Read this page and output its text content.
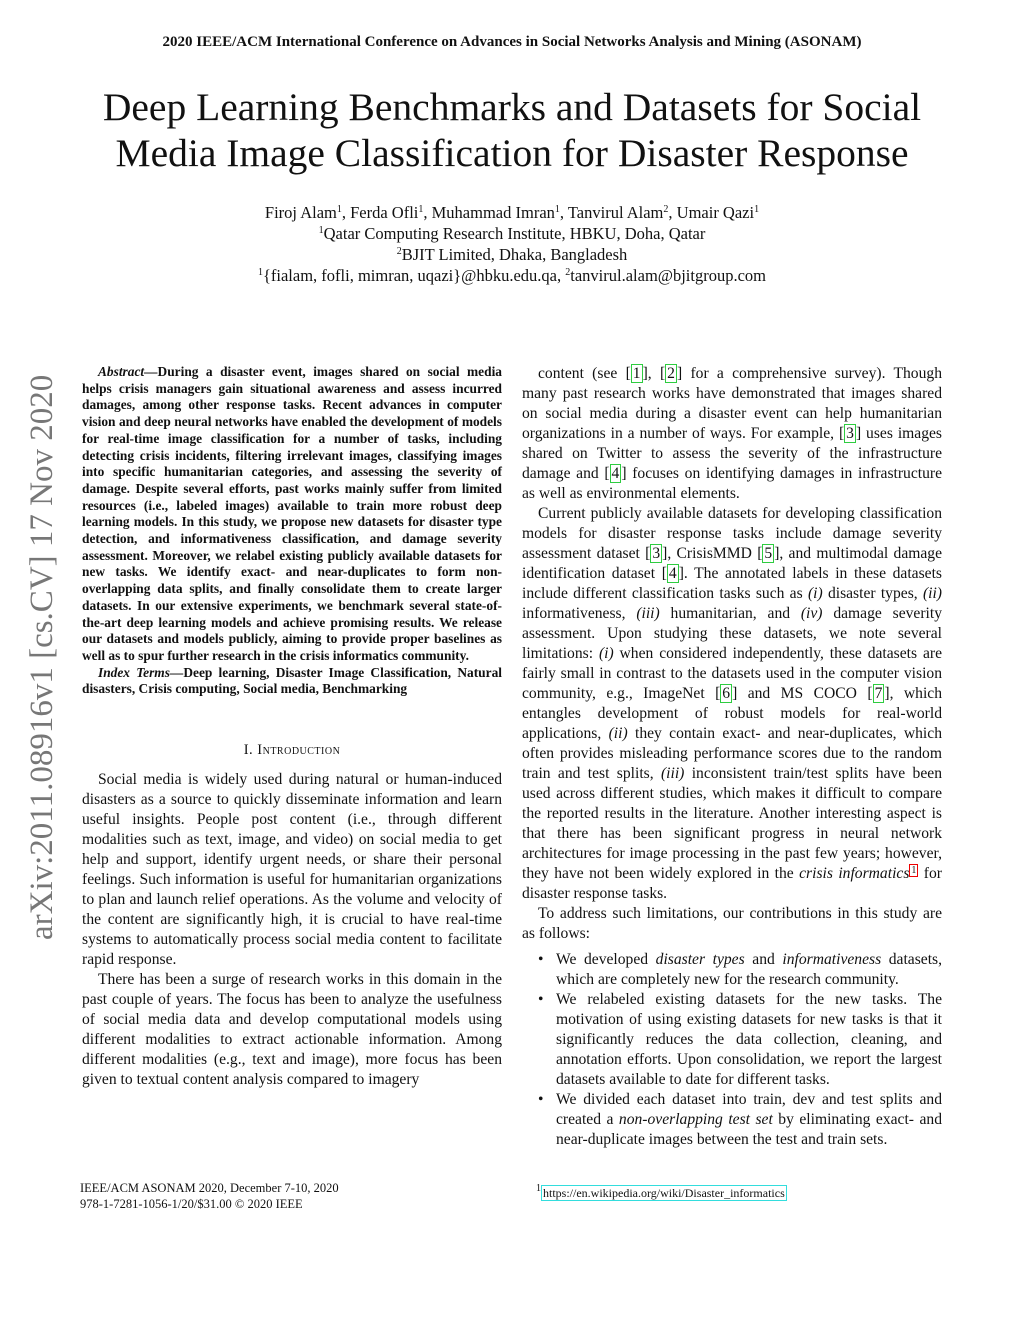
2020 IEEE/ACM International Conference on Advances in Social Networks Analysis and Mining (ASONAM)
Deep Learning Benchmarks and Datasets for Social Media Image Classification for Disaster Response
Firoj Alam$^1$, Ferda Ofli$^1$, Muhammad Imran$^1$, Tanvirul Alam$^2$, Umair Qazi$^1$
$^1$Qatar Computing Research Institute, HBKU, Doha, Qatar
$^2$BJIT Limited, Dhaka, Bangladesh
$^1${fialam, fofli, mimran, uqazi}@hbku.edu.qa, $^2$tanvirul.alam@bjitgroup.com
arXiv:2011.08916v1 [cs.CV] 17 Nov 2020
Abstract—During a disaster event, images shared on social media helps crisis managers gain situational awareness and assess incurred damages, among other response tasks. Recent advances in computer vision and deep neural networks have enabled the development of models for real-time image classification for a number of tasks, including detecting crisis incidents, filtering irrelevant images, classifying images into specific humanitarian categories, and assessing the severity of damage. Despite several efforts, past works mainly suffer from limited resources (i.e., labeled images) available to train more robust deep learning models. In this study, we propose new datasets for disaster type detection, and informativeness classification, and damage severity assessment. Moreover, we relabel existing publicly available datasets for new tasks. We identify exact- and near-duplicates to form non-overlapping data splits, and finally consolidate them to create larger datasets. In our extensive experiments, we benchmark several state-of-the-art deep learning models and achieve promising results. We release our datasets and models publicly, aiming to provide proper baselines as well as to spur further research in the crisis informatics community.
Index Terms—Deep learning, Disaster Image Classification, Natural disasters, Crisis computing, Social media, Benchmarking
I. Introduction

Social media is widely used during natural or human-induced disasters as a source to quickly disseminate information and learn useful insights. People post content (i.e., through different modalities such as text, image, and video) on social media to get help and support, identify urgent needs, or share their personal feelings. Such information is useful for humanitarian organizations to plan and launch relief operations. As the volume and velocity of the content are significantly high, it is crucial to have real-time systems to automatically process social media content to facilitate rapid response.

There has been a surge of research works in this domain in the past couple of years. The focus has been to analyze the usefulness of social media data and develop computational models using different modalities to extract actionable information. Among different modalities (e.g., text and image), more focus has been given to textual content analysis compared to imagery

content (see [ 1 ], [ 2 ] for a comprehensive survey). Though many past research works have demonstrated that images shared on social media during a disaster event can help humanitarian organizations in a number of ways. For example, [ 3 ] uses images shared on Twitter to assess the severity of the infrastructure damage and [ 4 ] focuses on identifying damages in infrastructure as well as environmental elements.

Current publicly available datasets for developing classification models for disaster response tasks include damage severity assessment dataset [ 3 ], CrisisMMD [ 5 ], and multimodal damage identification dataset [ 4 ]. The annotated labels in these datasets include different classification tasks such as (i) disaster types, (ii) informativeness, (iii) humanitarian, and (iv) damage severity assessment. Upon studying these datasets, we note several limitations: (i) when considered independently, these datasets are fairly small in contrast to the datasets used in the computer vision community, e.g., ImageNet [ 6 ] and MS COCO [ 7 ], which entangles development of robust models for real-world applications, (ii) they contain exact- and near-duplicates, which often provides misleading performance scores due to the random train and test splits, (iii) inconsistent train/test splits have been used across different studies, which makes it difficult to compare the reported results in the literature. Another interesting aspect is that there has been significant progress in neural network architectures for image processing in the past few years; however, they have not been widely explored in the crisis informatics $^1$ for disaster response tasks.

To address such limitations, our contributions in this study are as follows:

• We developed disaster types and informativeness datasets, which are completely new for the research community.
• We relabeled existing datasets for the new tasks. The motivation of using existing datasets for new tasks is that it significantly reduces the data collection, cleaning, and annotation efforts. Upon consolidation, we report the largest datasets available to date for different tasks.
• We divided each dataset into train, dev and test splits and created a non-overlapping test set by eliminating exact- and near-duplicate images between the test and train sets.
IEEE/ACM ASONAM 2020, December 7-10, 2020
978-1-7281-1056-1/20/$31.00 © 2020 IEEE
$^1$ https://en.wikipedia.org/wiki/Disaster_informatics
